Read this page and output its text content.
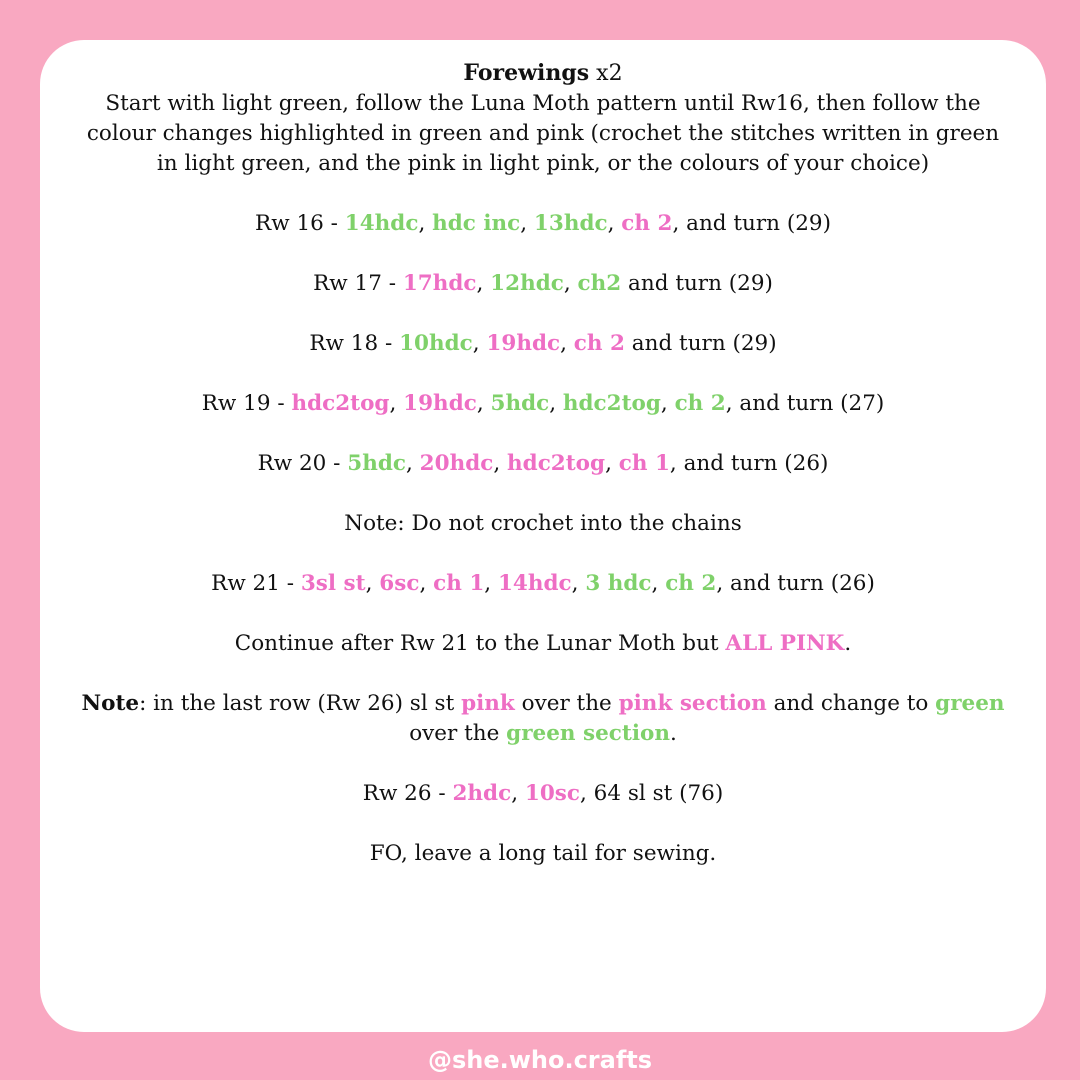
Forewings x2
Start with light green, follow the Luna Moth pattern until Rw16, then follow the colour changes highlighted in green and pink (crochet the stitches written in green in light green, and the pink in light pink, or the colours of your choice)
Rw 16 - 14hdc, hdc inc, 13hdc, ch 2, and turn (29)
Rw 17 - 17hdc, 12hdc, ch2 and turn (29)
Rw 18 - 10hdc, 19hdc, ch 2 and turn (29)
Rw 19 - hdc2tog, 19hdc, 5hdc, hdc2tog, ch 2, and turn (27)
Rw 20 - 5hdc, 20hdc, hdc2tog, ch 1, and turn (26)
Note: Do not crochet into the chains
Rw 21 - 3sl st, 6sc, ch 1, 14hdc, 3 hdc, ch 2, and turn (26)
Continue after Rw 21 to the Lunar Moth but ALL PINK.
Note: in the last row (Rw 26) sl st pink over the pink section and change to green
over the green section.
Rw 26 - 2hdc, 10sc, 64 sl st (76)
FO, leave a long tail for sewing.
@she.who.crafts
